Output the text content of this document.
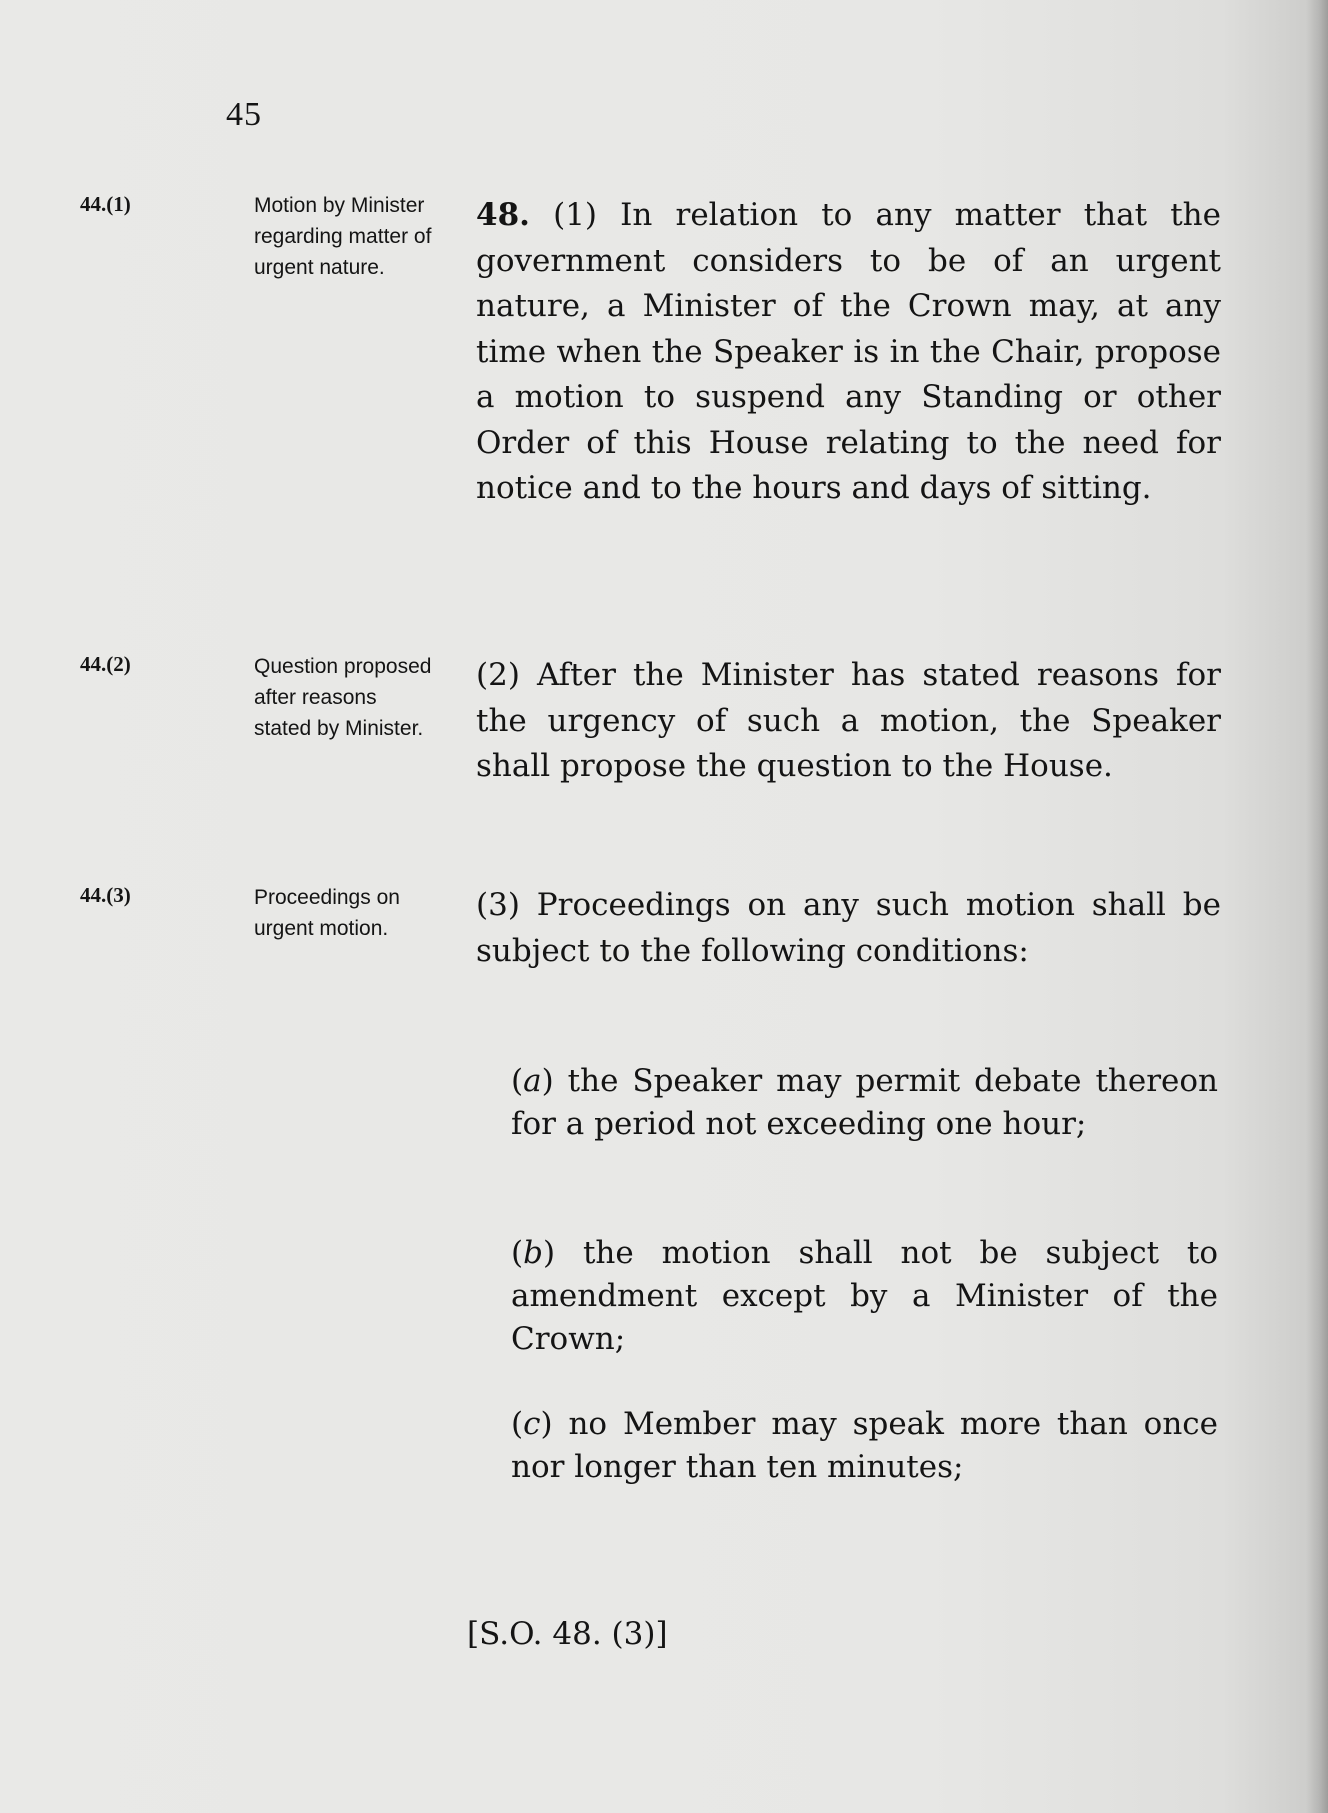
45
44.(1)	Motion by Minister regarding matter of urgent nature.

48. (1) In relation to any matter that the government considers to be of an urgent nature, a Minister of the Crown may, at any time when the Speaker is in the Chair, propose a motion to suspend any Standing or other Order of this House relating to the need for notice and to the hours and days of sitting.

44.(2)	Question proposed after reasons stated by Minister.

(2) After the Minister has stated reasons for the urgency of such a motion, the Speaker shall propose the question to the House.

44.(3)	Proceedings on urgent motion.

(3) Proceedings on any such motion shall be subject to the following conditions:

(a) the Speaker may permit debate thereon for a period not exceeding one hour;

(b) the motion shall not be subject to amendment except by a Minister of the Crown;

(c) no Member may speak more than once nor longer than ten minutes;

[S.O. 48. (3)]
